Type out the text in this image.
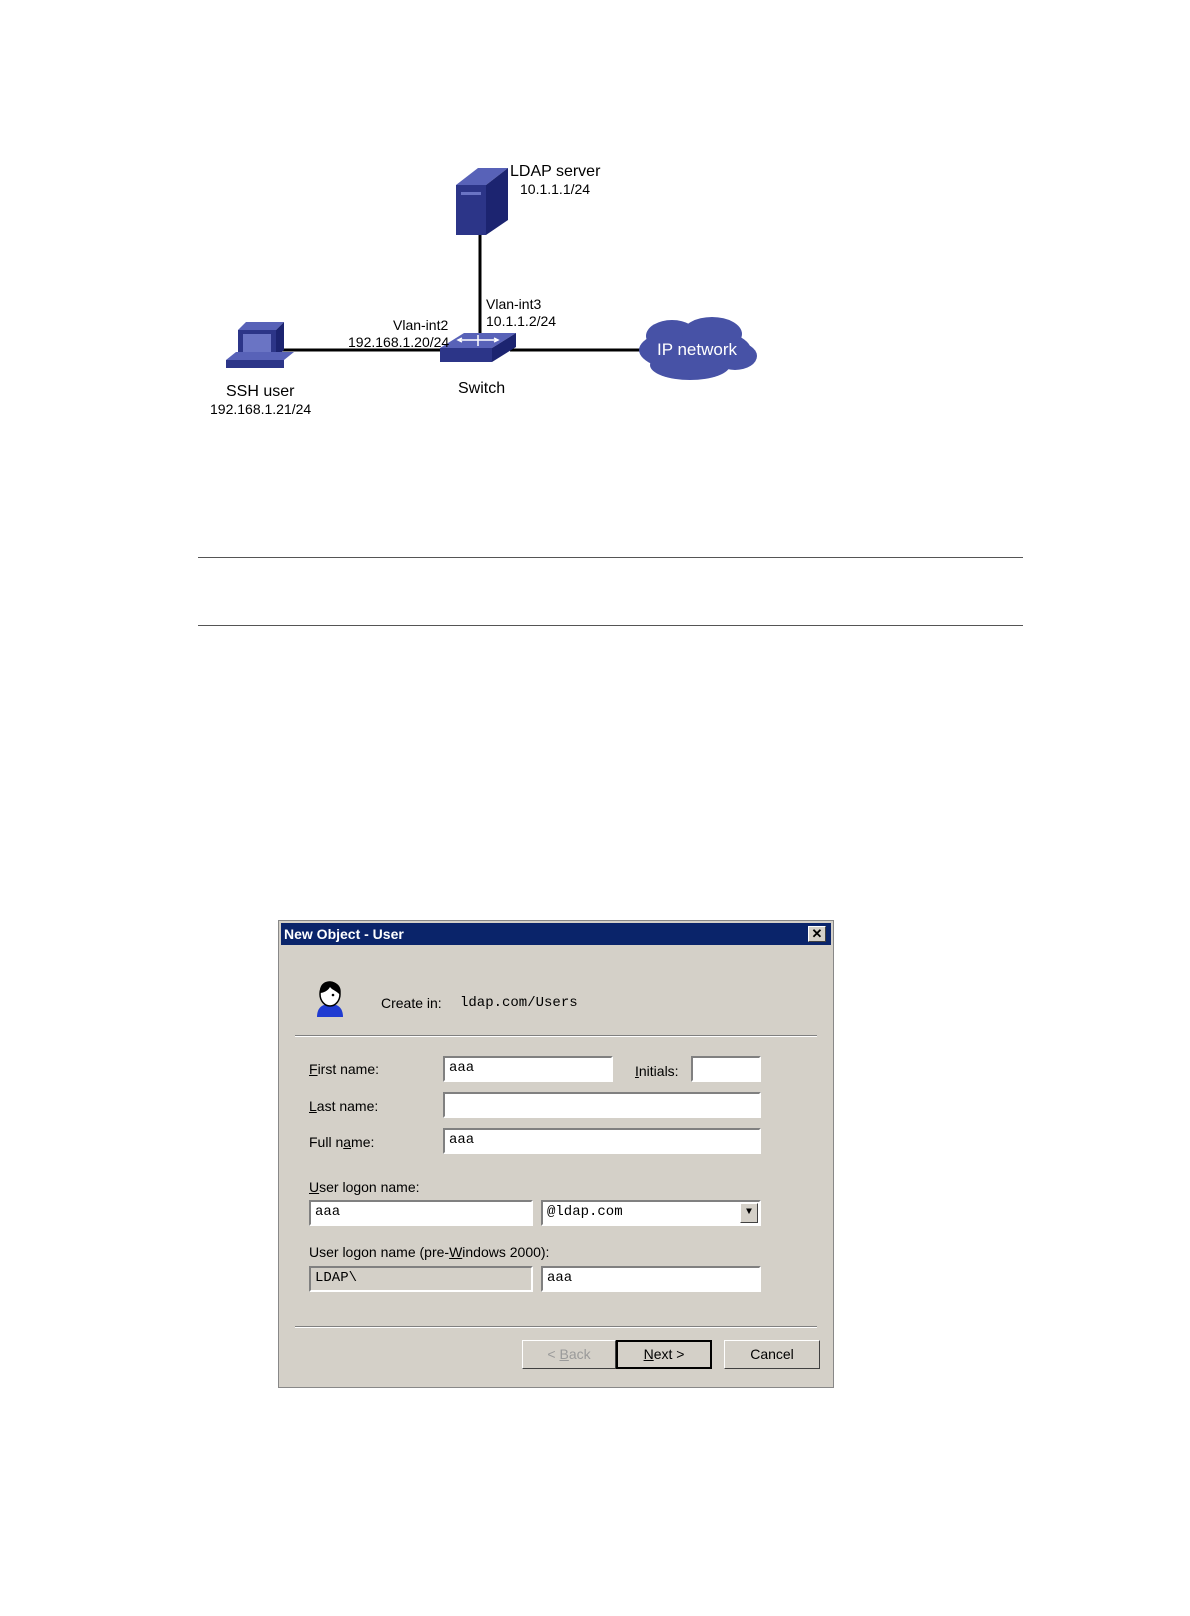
LDAP server
10.1.1.1/24
Vlan-int3
10.1.1.2/24
Vlan-int2
192.168.1.20/24
Switch
SSH user
192.168.1.21/24
IP network
New Object - User	✕
Create in: ldap.com/Users
First name:	aaa	Initials:
Last name:
Full name:	aaa
User logon name:
aaa	@ldap.com	▼
User logon name (pre-Windows 2000):
LDAP\	aaa
< Back	Next >	Cancel
